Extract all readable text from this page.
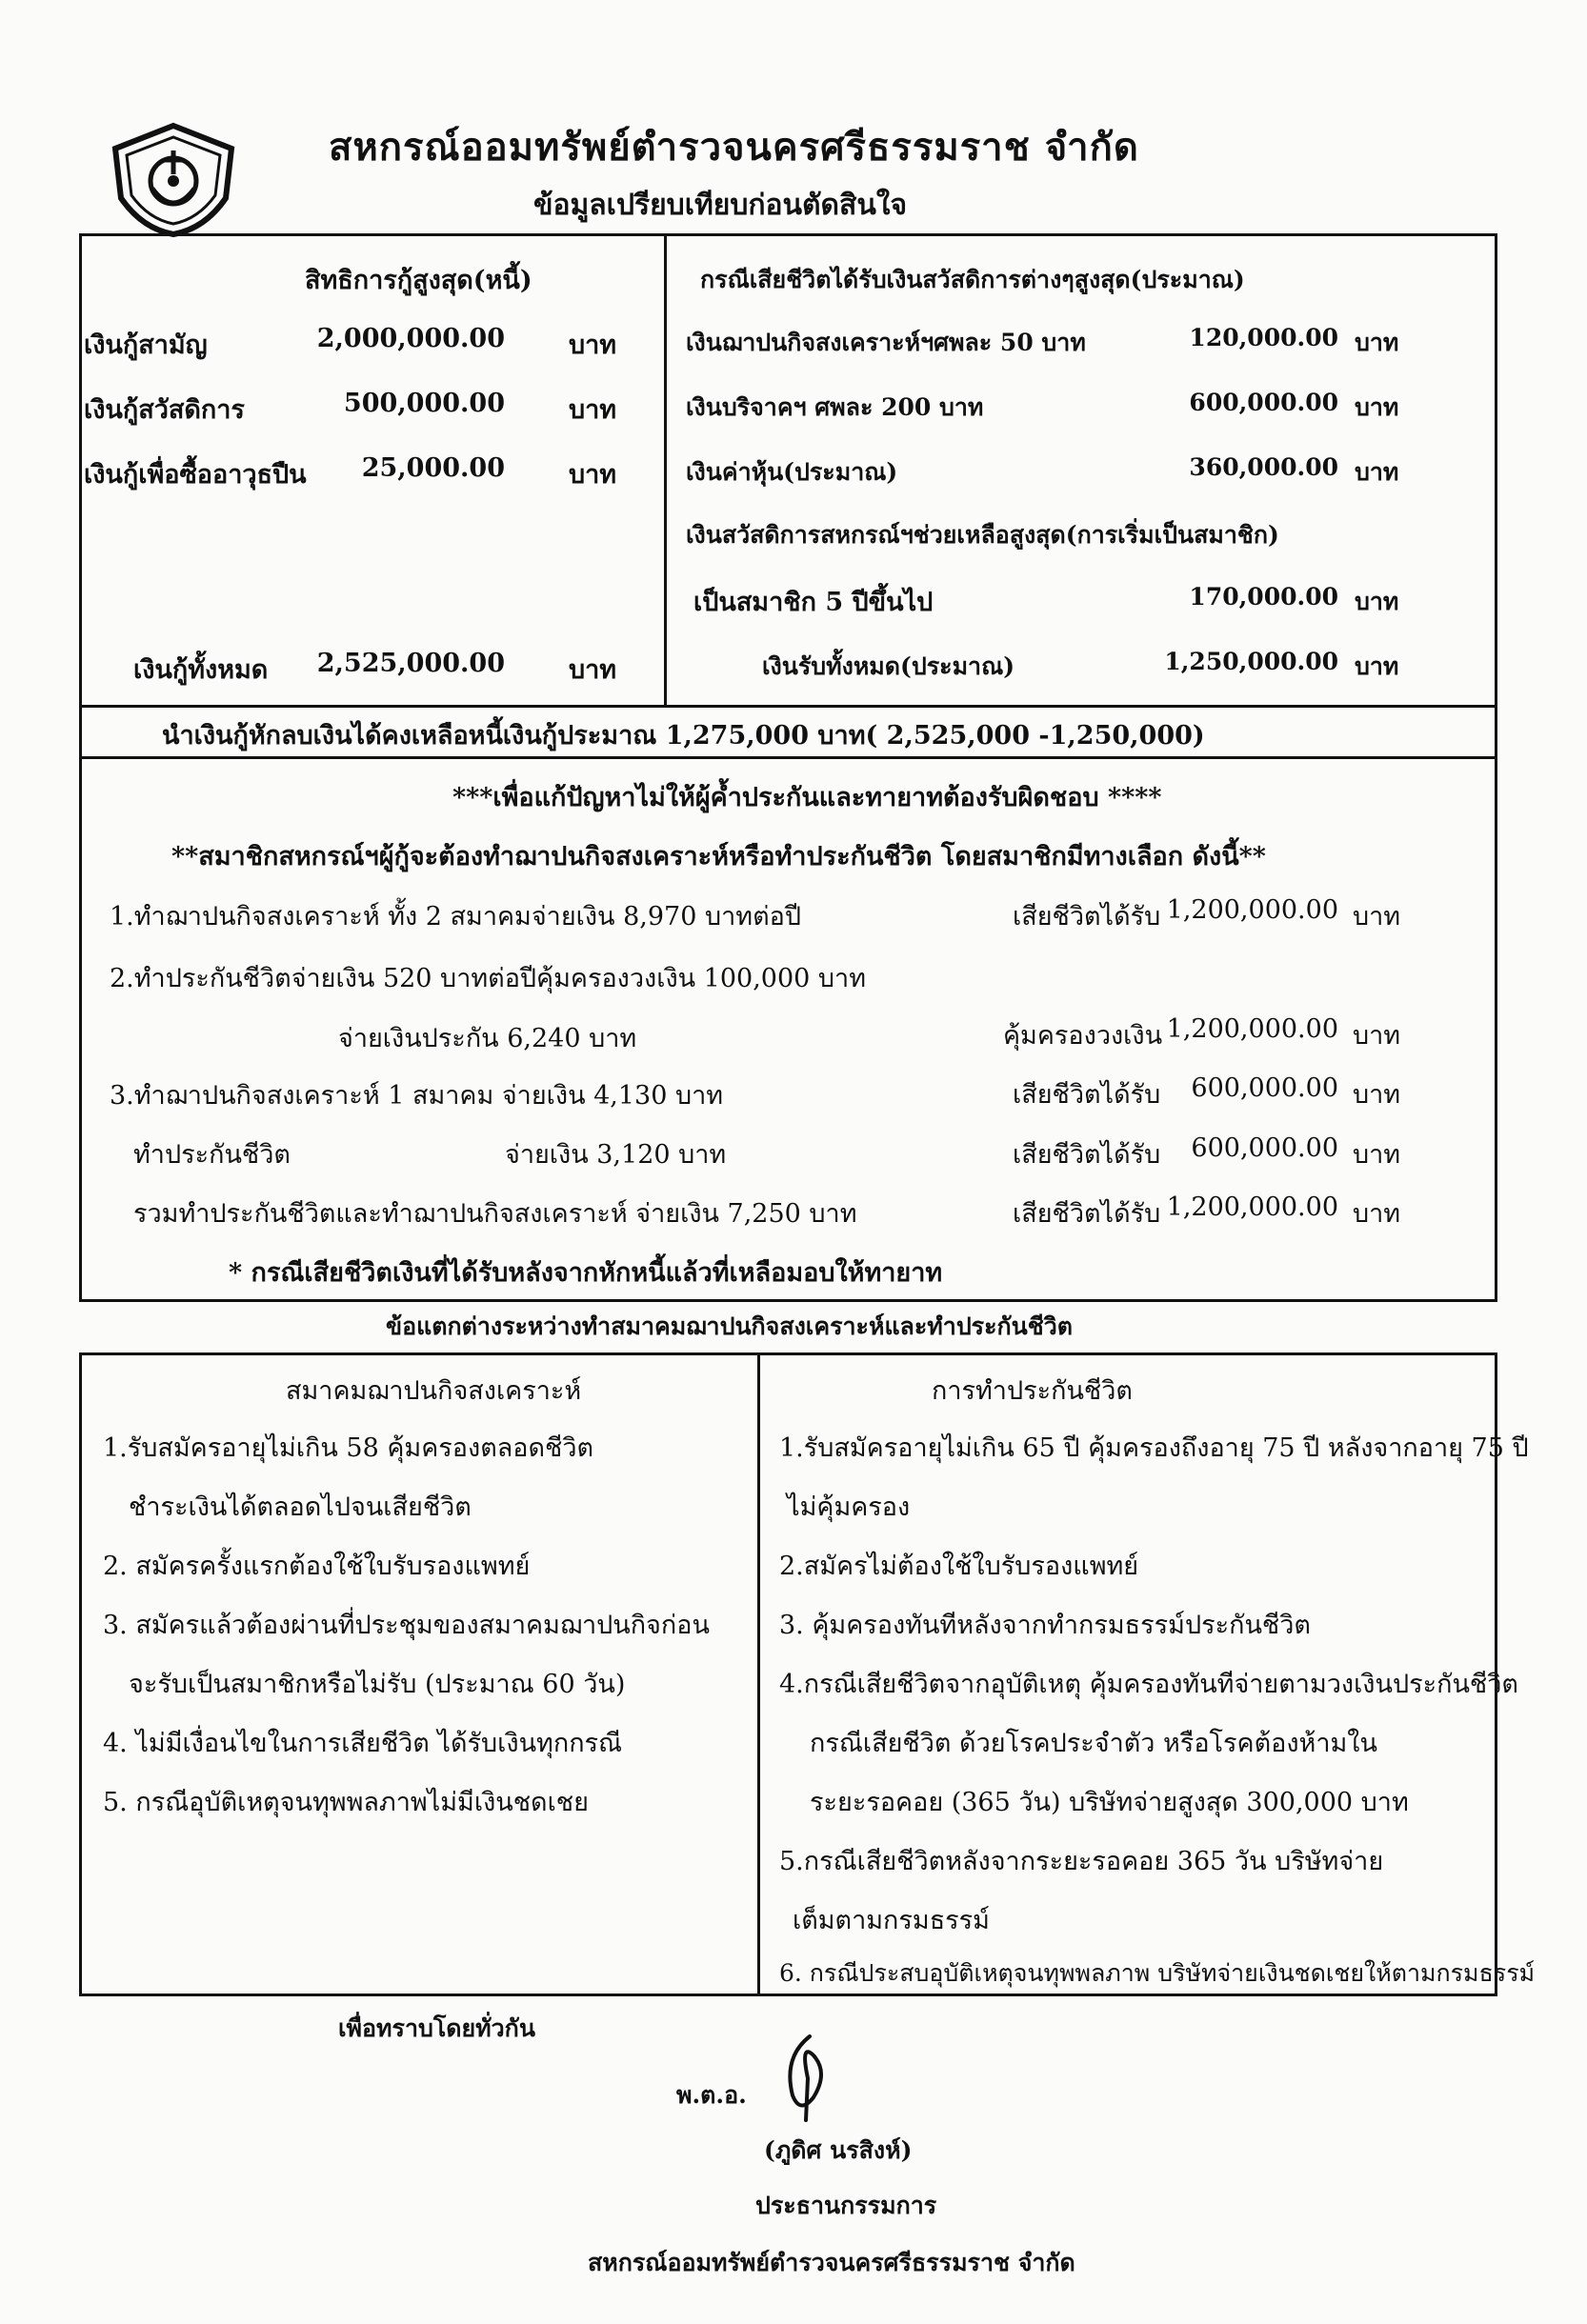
สหกรณ์ออมทรัพย์ตำรวจนครศรีธรรมราช จำกัด
ข้อมูลเปรียบเทียบก่อนตัดสินใจ
สิทธิการกู้สูงสุด(หนี้)
เงินกู้สามัญ	2,000,000.00 บาท
เงินกู้สวัสดิการ	500,000.00 บาท
เงินกู้เพื่อซื้ออาวุธปืน	25,000.00 บาท
เงินกู้ทั้งหมด 2,525,000.00 บาท
กรณีเสียชีวิตได้รับเงินสวัสดิการต่างๆสูงสุด(ประมาณ)
เงินฌาปนกิจสงเคราะห์ฯศพละ 50 บาท	120,000.00 บาท
เงินบริจาคฯ ศพละ 200 บาท	600,000.00 บาท
เงินค่าหุ้น(ประมาณ)	360,000.00 บาท
เงินสวัสดิการสหกรณ์ฯช่วยเหลือสูงสุด(การเริ่มเป็นสมาชิก)
เป็นสมาชิก 5 ปีขึ้นไป	170,000.00 บาท
เงินรับทั้งหมด(ประมาณ)	1,250,000.00 บาท
นำเงินกู้หักลบเงินได้คงเหลือหนี้เงินกู้ประมาณ 1,275,000 บาท( 2,525,000 -1,250,000)
***เพื่อแก้ปัญหาไม่ให้ผู้ค้ำประกันและทายาทต้องรับผิดชอบ ****
**สมาชิกสหกรณ์ฯผู้กู้จะต้องทำฌาปนกิจสงเคราะห์หรือทำประกันชีวิต โดยสมาชิกมีทางเลือก ดังนี้**
1.ทำฌาปนกิจสงเคราะห์ ทั้ง 2 สมาคมจ่ายเงิน 8,970 บาทต่อปี	เสียชีวิตได้รับ 1,200,000.00 บาท
2.ทำประกันชีวิตจ่ายเงิน 520 บาทต่อปีคุ้มครองวงเงิน 100,000 บาท
จ่ายเงินประกัน 6,240 บาท	คุ้มครองวงเงิน 1,200,000.00 บาท
3.ทำฌาปนกิจสงเคราะห์ 1 สมาคม จ่ายเงิน 4,130 บาท	เสียชีวิตได้รับ	600,000.00 บาท
ทำประกันชีวิต	จ่ายเงิน 3,120 บาท	เสียชีวิตได้รับ	600,000.00 บาท
รวมทำประกันชีวิตและทำฌาปนกิจสงเคราะห์ จ่ายเงิน 7,250 บาท	เสียชีวิตได้รับ 1,200,000.00 บาท
* กรณีเสียชีวิตเงินที่ได้รับหลังจากหักหนี้แล้วที่เหลือมอบให้ทายาท
ข้อแตกต่างระหว่างทำสมาคมฌาปนกิจสงเคราะห์และทำประกันชีวิต
สมาคมฌาปนกิจสงเคราะห์	การทำประกันชีวิต
1.รับสมัครอายุไม่เกิน 58 คุ้มครองตลอดชีวิต
ชำระเงินได้ตลอดไปจนเสียชีวิต
2. สมัครครั้งแรกต้องใช้ใบรับรองแพทย์
3. สมัครแล้วต้องผ่านที่ประชุมของสมาคมฌาปนกิจก่อน
จะรับเป็นสมาชิกหรือไม่รับ (ประมาณ 60 วัน)
4. ไม่มีเงื่อนไขในการเสียชีวิต ได้รับเงินทุกกรณี
5. กรณีอุบัติเหตุจนทุพพลภาพไม่มีเงินชดเชย
1.รับสมัครอายุไม่เกิน 65 ปี คุ้มครองถึงอายุ 75 ปี หลังจากอายุ 75 ปี
ไม่คุ้มครอง
2.สมัครไม่ต้องใช้ใบรับรองแพทย์
3. คุ้มครองทันทีหลังจากทำกรมธรรม์ประกันชีวิต
4.กรณีเสียชีวิตจากอุบัติเหตุ คุ้มครองทันทีจ่ายตามวงเงินประกันชีวิต
กรณีเสียชีวิต ด้วยโรคประจำตัว หรือโรคต้องห้ามใน
ระยะรอคอย (365 วัน) บริษัทจ่ายสูงสุด 300,000 บาท
5.กรณีเสียชีวิตหลังจากระยะรอคอย 365 วัน บริษัทจ่าย
เต็มตามกรมธรรม์
6. กรณีประสบอุบัติเหตุจนทุพพลภาพ บริษัทจ่ายเงินชดเชยให้ตามกรมธรรม์
เพื่อทราบโดยทั่วกัน
พ.ต.อ.
(ภูดิศ นรสิงห์)
ประธานกรรมการ
สหกรณ์ออมทรัพย์ตำรวจนครศรีธรรมราช จำกัด
